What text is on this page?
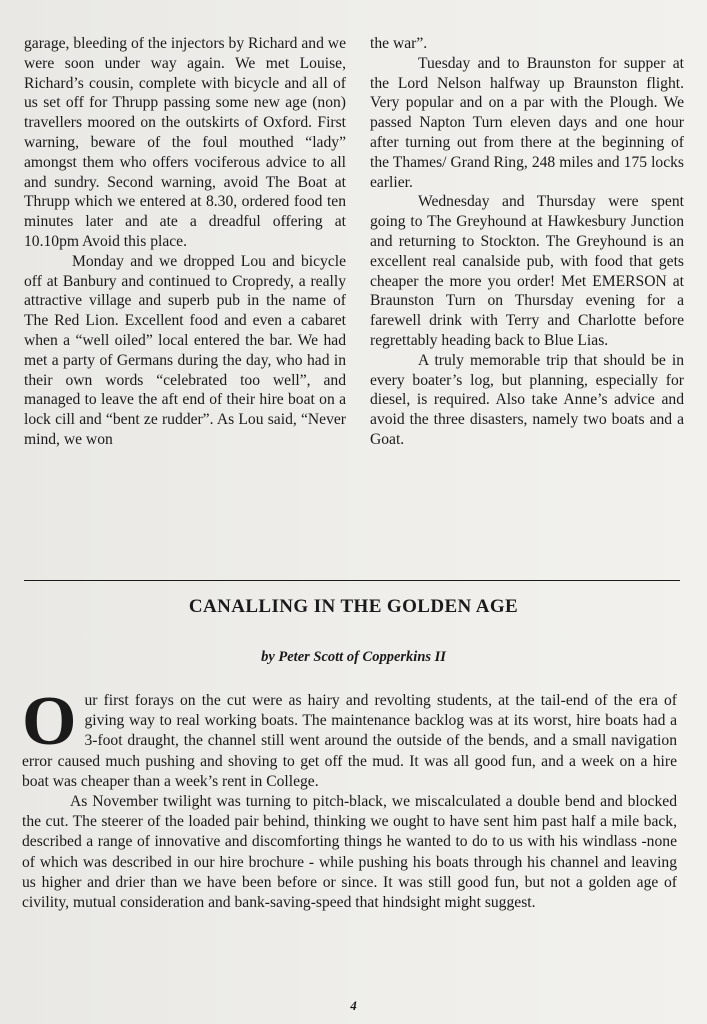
garage, bleeding of the injectors by Richard and we were soon under way again. We met Louise, Richard’s cousin, complete with bicycle and all of us set off for Thrupp passing some new age (non) travellers moored on the outskirts of Oxford. First warning, beware of the foul mouthed “lady” amongst them who offers vociferous advice to all and sundry. Second warning, avoid The Boat at Thrupp which we entered at 8.30, ordered food ten minutes later and ate a dreadful offering at 10.10pm Avoid this place.

Monday and we dropped Lou and bicycle off at Banbury and continued to Cropredy, a really attractive village and superb pub in the name of The Red Lion. Excellent food and even a cabaret when a “well oiled” local entered the bar. We had met a party of Germans during the day, who had in their own words “celebrated too well”, and managed to leave the aft end of their hire boat on a lock cill and “bent ze rudder”. As Lou said, “Never mind, we won

the war”.

Tuesday and to Braunston for supper at the Lord Nelson halfway up Braunston flight. Very popular and on a par with the Plough. We passed Napton Turn eleven days and one hour after turning out from there at the beginning of the Thames/ Grand Ring, 248 miles and 175 locks earlier.

Wednesday and Thursday were spent going to The Greyhound at Hawkesbury Junction and returning to Stockton. The Greyhound is an excellent real canalside pub, with food that gets cheaper the more you order! Met EMERSON at Braunston Turn on Thursday evening for a farewell drink with Terry and Charlotte before regrettably heading back to Blue Lias.

A truly memorable trip that should be in every boater’s log, but planning, especially for diesel, is required. Also take Anne’s advice and avoid the three disasters, namely two boats and a Goat.

CANALLING IN THE GOLDEN AGE
by Peter Scott of Copperkins II

Our first forays on the cut were as hairy and revolting students, at the tail-end of the era of giving way to real working boats. The maintenance backlog was at its worst, hire boats had a 3-foot draught, the channel still went around the outside of the bends, and a small navigation error caused much pushing and shoving to get off the mud. It was all good fun, and a week on a hire boat was cheaper than a week’s rent in College.

As November twilight was turning to pitch-black, we miscalculated a double bend and blocked the cut. The steerer of the loaded pair behind, thinking we ought to have sent him past half a mile back, described a range of innovative and discomforting things he wanted to do to us with his windlass -none of which was described in our hire brochure - while pushing his boats through his channel and leaving us higher and drier than we have been before or since. It was still good fun, but not a golden age of civility, mutual consideration and bank-saving-speed that hindsight might suggest.

4
